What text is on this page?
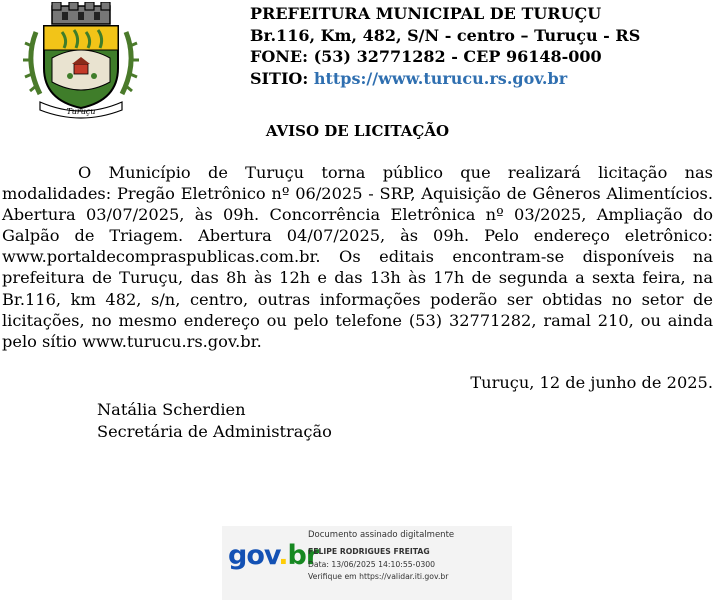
Turuçu
PREFEITURA MUNICIPAL DE TURUÇU
Br.116, Km, 482, S/N - centro – Turuçu - RS
FONE: (53) 32771282 - CEP 96148-000
SITIO: https://www.turucu.rs.gov.br
AVISO DE LICITAÇÃO

O Município de Turuçu torna público que realizará licitação nas modalidades: Pregão Eletrônico nº 06/2025 - SRP, Aquisição de Gêneros Alimentícios. Abertura 03/07/2025, às 09h. Concorrência Eletrônica nº 03/2025, Ampliação do Galpão de Triagem. Abertura 04/07/2025, às 09h. Pelo endereço eletrônico: www.portaldecompraspublicas.com.br. Os editais encontram-se disponíveis na prefeitura de Turuçu, das 8h às 12h e das 13h às 17h de segunda a sexta feira, na Br.116, km 482, s/n, centro, outras informações poderão ser obtidas no setor de licitações, no mesmo endereço ou pelo telefone (53) 32771282, ramal 210, ou ainda pelo sítio www.turucu.rs.gov.br.

Turuçu, 12 de junho de 2025.
Natália Scherdien
Secretária de Administração
gov.br
Documento assinado digitalmente
FELIPE RODRIGUES FREITAG
Data: 13/06/2025 14:10:55-0300
Verifique em https://validar.iti.gov.br
